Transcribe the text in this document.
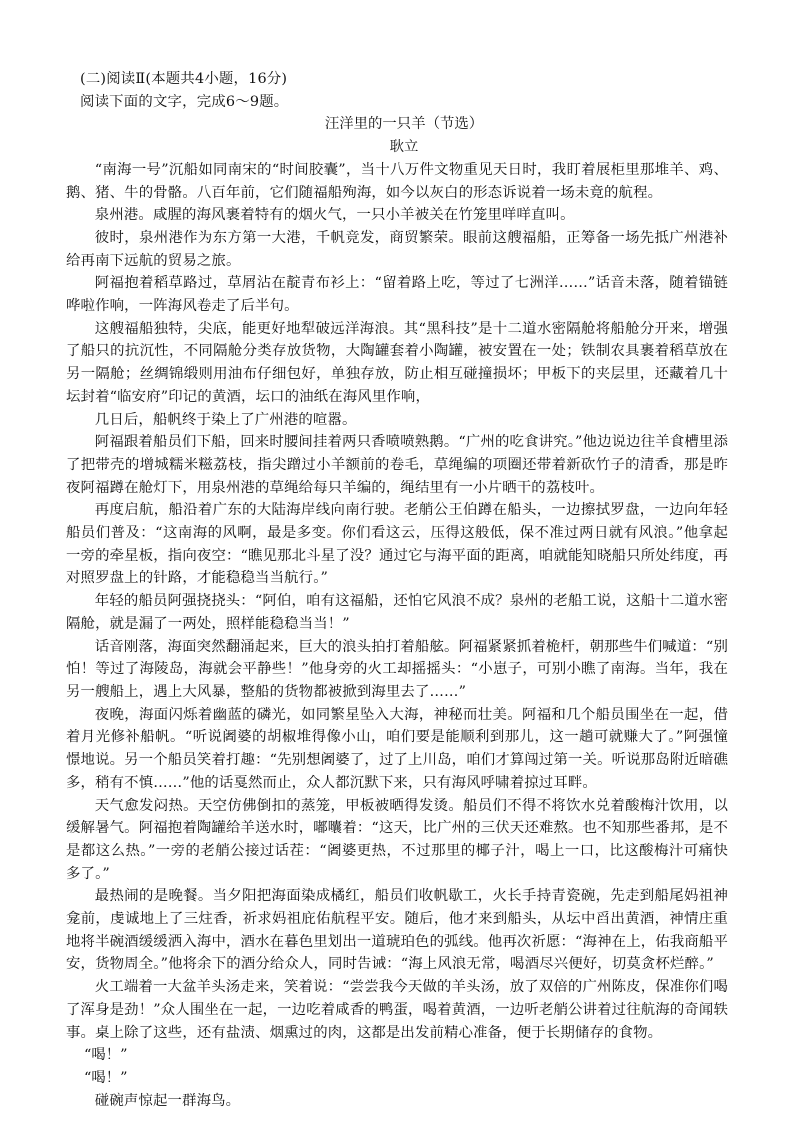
(二)阅读Ⅱ(本题共4小题，16分)

阅读下面的文字，完成6～9题。

汪洋里的一只羊（节选）

耿立

“南海一号”沉船如同南宋的“时间胶囊”，当十八万件文物重见天日时，我盯着展柜里那堆羊、鸡、鹅、猪、牛的骨骼。八百年前，它们随福船殉海，如今以灰白的形态诉说着一场未竟的航程。

泉州港。咸腥的海风裹着特有的烟火气，一只小羊被关在竹笼里咩咩直叫。

彼时，泉州港作为东方第一大港，千帆竞发，商贸繁荣。眼前这艘福船，正筹备一场先抵广州港补给再南下远航的贸易之旅。

阿福抱着稻草路过，草屑沾在靛青布衫上：“留着路上吃，等过了七洲洋……”话音未落，随着锚链哗啦作响，一阵海风卷走了后半句。

这艘福船独特，尖底，能更好地犁破远洋海浪。其“黑科技”是十二道水密隔舱将船舱分开来，增强了船只的抗沉性，不同隔舱分类存放货物，大陶罐套着小陶罐，被安置在一处；铁制农具裹着稻草放在另一隔舱；丝绸锦缎则用油布仔细包好，单独存放，防止相互碰撞损坏；甲板下的夹层里，还藏着几十坛封着“临安府”印记的黄酒，坛口的油纸在海风里作响，

几日后，船帆终于染上了广州港的喧嚣。

阿福跟着船员们下船，回来时腰间挂着两只香喷喷熟鹅。“广州的吃食讲究。”他边说边往羊食槽里添了把带壳的增城糯米糍荔枝，指尖蹭过小羊额前的卷毛，草绳编的项圈还带着新砍竹子的清香，那是昨夜阿福蹲在舱灯下，用泉州港的草绳给每只羊编的，绳结里有一小片晒干的荔枝叶。

再度启航，船沿着广东的大陆海岸线向南行驶。老艄公王伯蹲在船头，一边擦拭罗盘，一边向年轻船员们普及：“这南海的风啊，最是多变。你们看这云，压得这般低，保不准过两日就有风浪。”他拿起一旁的牵星板，指向夜空：“瞧见那北斗星了没？通过它与海平面的距离，咱就能知晓船只所处纬度，再对照罗盘上的针路，才能稳稳当当航行。”

年轻的船员阿强挠挠头：“阿伯，咱有这福船，还怕它风浪不成？泉州的老船工说，这船十二道水密隔舱，就是漏了一两处，照样能稳稳当当！”

话音刚落，海面突然翻涌起来，巨大的浪头拍打着船舷。阿福紧紧抓着桅杆，朝那些牛们喊道：“别怕！等过了海陵岛，海就会平静些！”他身旁的火工却摇摇头：“小崽子，可别小瞧了南海。当年，我在另一艘船上，遇上大风暴，整船的货物都被掀到海里去了……”

夜晚，海面闪烁着幽蓝的磷光，如同繁星坠入大海，神秘而壮美。阿福和几个船员围坐在一起，借着月光修补船帆。“听说阇婆的胡椒堆得像小山，咱们要是能顺利到那儿，这一趟可就赚大了。”阿强憧憬地说。另一个船员笑着打趣：“先别想阇婆了，过了上川岛，咱们才算闯过第一关。听说那岛附近暗礁多，稍有不慎……”他的话戛然而止，众人都沉默下来，只有海风呼啸着掠过耳畔。

天气愈发闷热。天空仿佛倒扣的蒸笼，甲板被晒得发烫。船员们不得不将饮水兑着酸梅汁饮用，以缓解暑气。阿福抱着陶罐给羊送水时，嘟囔着：“这天，比广州的三伏天还难熬。也不知那些番邦，是不是都这么热。”一旁的老艄公接过话茬：“阇婆更热，不过那里的椰子汁，喝上一口，比这酸梅汁可痛快多了。”

最热闹的是晚餐。当夕阳把海面染成橘红，船员们收帆歇工，火长手持青瓷碗，先走到船尾妈祖神龛前，虔诚地上了三炷香，祈求妈祖庇佑航程平安。随后，他才来到船头，从坛中舀出黄酒，神情庄重地将半碗酒缓缓洒入海中，酒水在暮色里划出一道琥珀色的弧线。他再次祈愿：“海神在上，佑我商船平安，货物周全。”他将余下的酒分给众人，同时告诫：“海上风浪无常，喝酒尽兴便好，切莫贪杯烂醉。”

火工端着一大盆羊头汤走来，笑着说：“尝尝我今天做的羊头汤，放了双倍的广州陈皮，保准你们喝了浑身是劲！”众人围坐在一起，一边吃着咸香的鸭蛋，喝着黄酒，一边听老艄公讲着过往航海的奇闻轶事。桌上除了这些，还有盐渍、烟熏过的肉，这都是出发前精心准备，便于长期储存的食物。

“喝！”

“喝！”

碰碗声惊起一群海鸟。
